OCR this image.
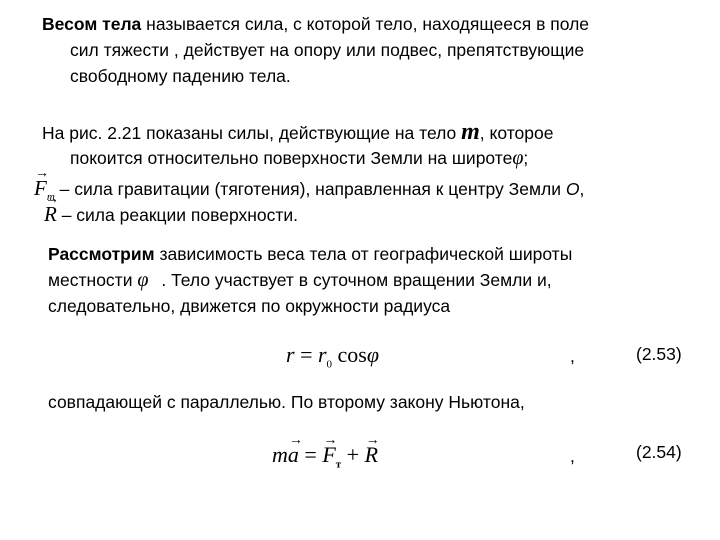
Весом тела называется сила, с которой тело, находящееся в поле
сил тяжести , действует на опору или подвес, препятствующие
свободному падению тела.
На рис. 2.21 показаны силы, действующие на тело m, которое
покоится относительно поверхности Земли на широтеφ;
→ $F_т$ – сила гравитации (тяготения), направленная к центру Земли O,
→ R – сила реакции поверхности.
Рассмотрим зависимость веса тела от географической широты
местности φ . Тело участвует в суточном вращении Земли и,
следовательно, движется по окружности радиуса
$r = r_0$ cosφ	,	(2.53)
совпадающей с параллелью. По второму закону Ньютона,
m→ a = → $F_т$ + → R	,	(2.54)
